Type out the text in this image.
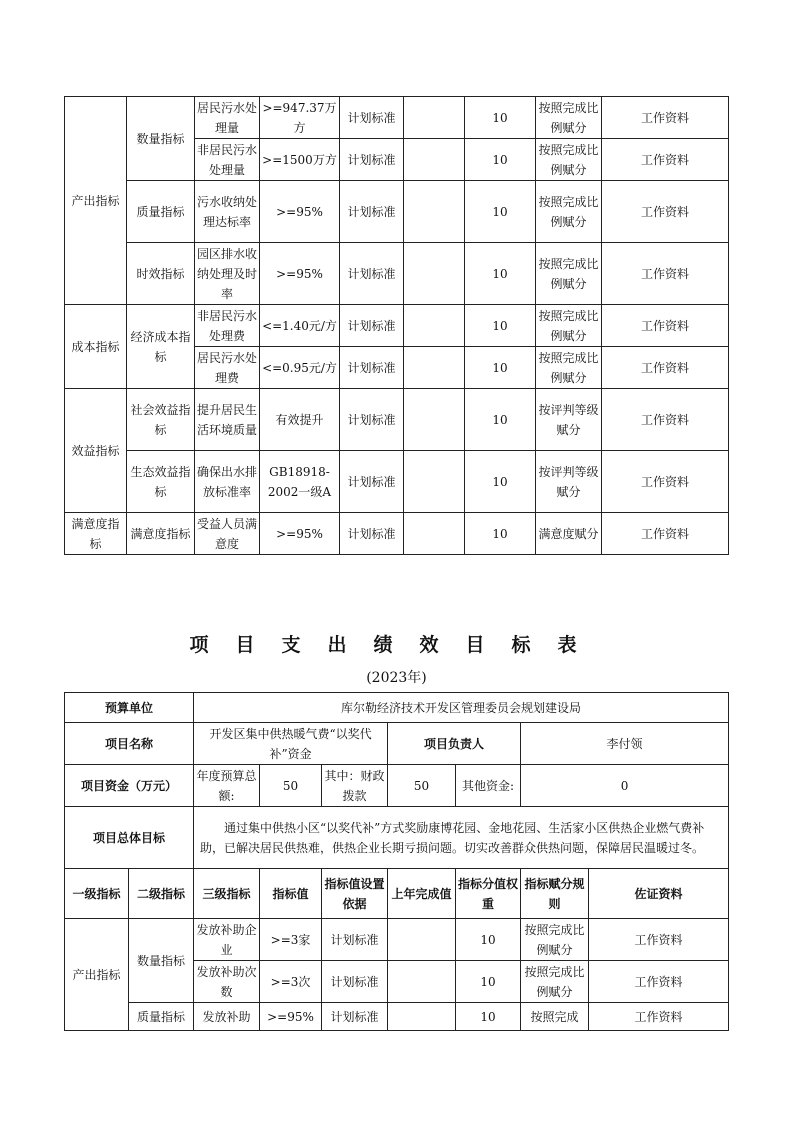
产出指标	数量指标	居民污水处理量	>=947.37万方	计划标准		10	按照完成比例赋分	工作资料
		非居民污水处理量	>=1500万方	计划标准		10	按照完成比例赋分	工作资料
	质量指标	污水收纳处理达标率	>=95%	计划标准		10	按照完成比例赋分	工作资料
	时效指标	园区排水收纳处理及时率	>=95%	计划标准		10	按照完成比例赋分	工作资料
成本指标	经济成本指标	非居民污水处理费	<=1.40元/方	计划标准		10	按照完成比例赋分	工作资料
		居民污水处理费	<=0.95元/方	计划标准		10	按照完成比例赋分	工作资料
效益指标	社会效益指标	提升居民生活环境质量	有效提升	计划标准		10	按评判等级赋分	工作资料
	生态效益指标	确保出水排放标准率	GB18918-2002一级A	计划标准		10	按评判等级赋分	工作资料
满意度指标	满意度指标	受益人员满意度	>=95%	计划标准		10	满意度赋分	工作资料
项目支出绩效目标表
(2023年)
预算单位		库尔勒经济技术开发区管理委员会规划建设局						
项目名称		开发区集中供热暖气费“以奖代补”资金			项目负责人		李付领	
项目资金（万元）		年度预算总额:	50	其中：财政拨款	50	其他资金:	0	
项目总体目标		通过集中供热小区“以奖代补”方式奖励康博花园、金地花园、生活家小区供热企业燃气费补助，已解决居民供热难，供热企业长期亏损问题。切实改善群众供热问题，保障居民温暖过冬。						
一级指标	二级指标	三级指标	指标值	指标值设置依据	上年完成值	指标分值权重	指标赋分规则	佐证资料
产出指标	数量指标	发放补助企业	>=3家	计划标准		10	按照完成比例赋分	工作资料
		发放补助次数	>=3次	计划标准		10	按照完成比例赋分	工作资料
	质量指标	发放补助	>=95%	计划标准		10	按照完成	工作资料
